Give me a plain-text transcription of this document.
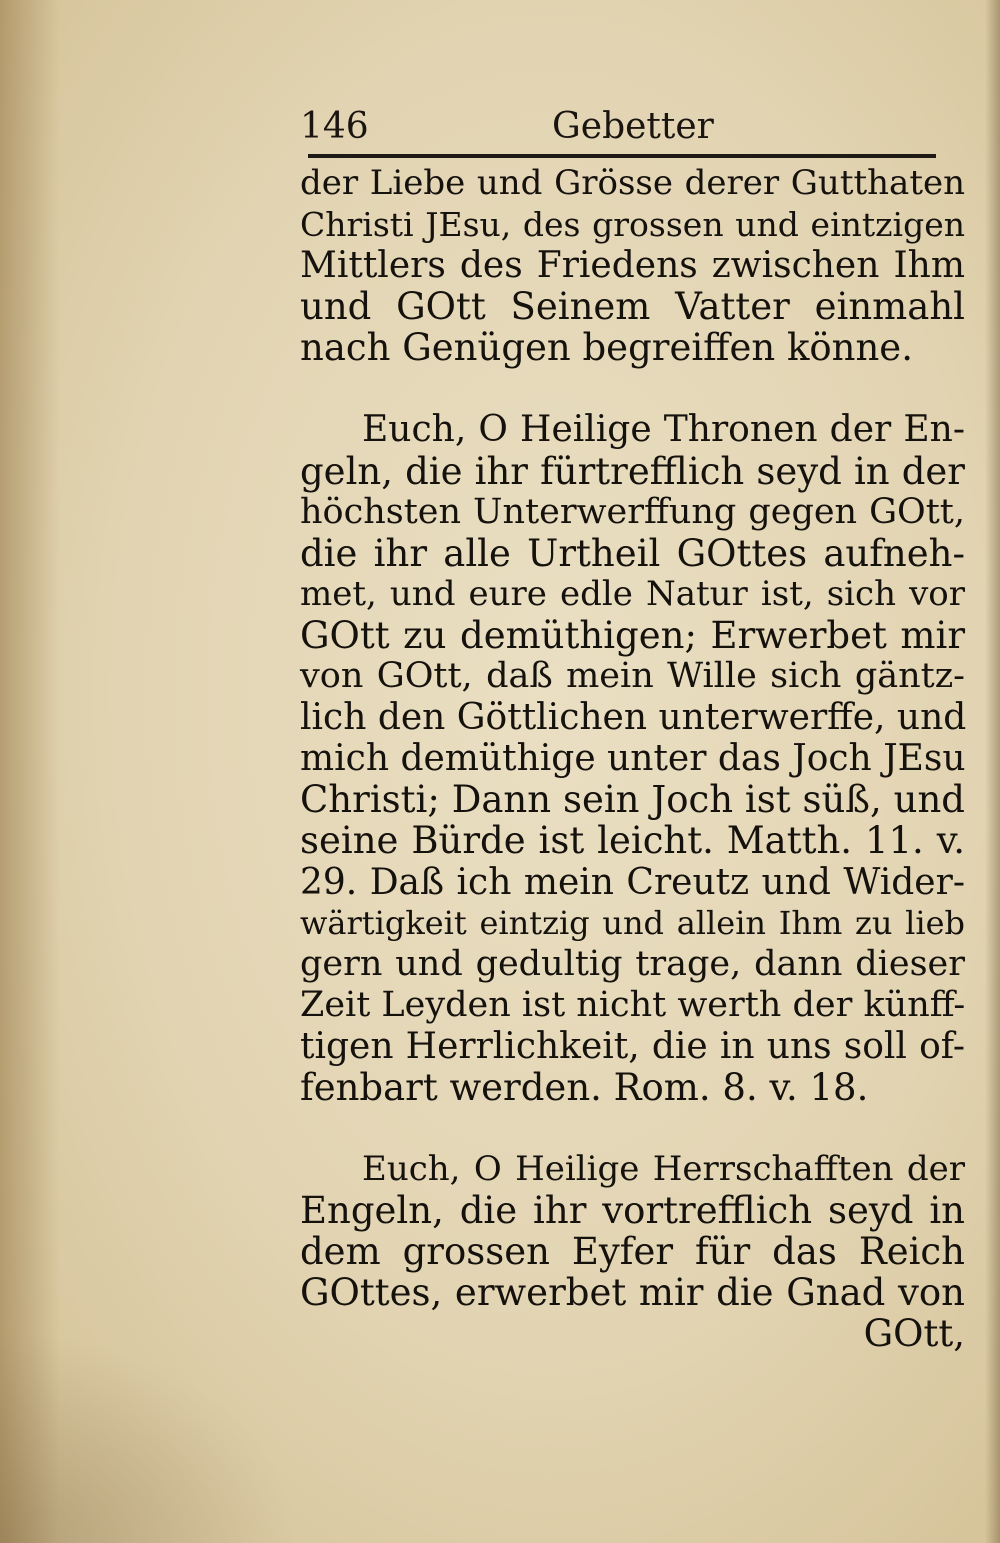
146	Gebetter
der Liebe und Grösse derer Gutthaten
Christi JEsu, des grossen und eintzigen
Mittlers des Friedens zwischen Ihm
und GOtt Seinem Vatter einmahl
nach Genügen begreiffen könne.
Euch, O Heilige Thronen der En-
geln, die ihr fürtrefflich seyd in der
höchsten Unterwerffung gegen GOtt,
die ihr alle Urtheil GOttes aufneh-
met, und eure edle Natur ist, sich vor
GOtt zu demüthigen; Erwerbet mir
von GOtt, daß mein Wille sich gäntz-
lich den Göttlichen unterwerffe, und
mich demüthige unter das Joch JEsu
Christi; Dann sein Joch ist süß, und
seine Bürde ist leicht. Matth. 11. v.
29. Daß ich mein Creutz und Wider-
wärtigkeit eintzig und allein Ihm zu lieb
gern und gedultig trage, dann dieser
Zeit Leyden ist nicht werth der künff-
tigen Herrlichkeit, die in uns soll of-
fenbart werden. Rom. 8. v. 18.
Euch, O Heilige Herrschafften der
Engeln, die ihr vortrefflich seyd in
dem grossen Eyfer für das Reich
GOttes, erwerbet mir die Gnad von
GOtt,
